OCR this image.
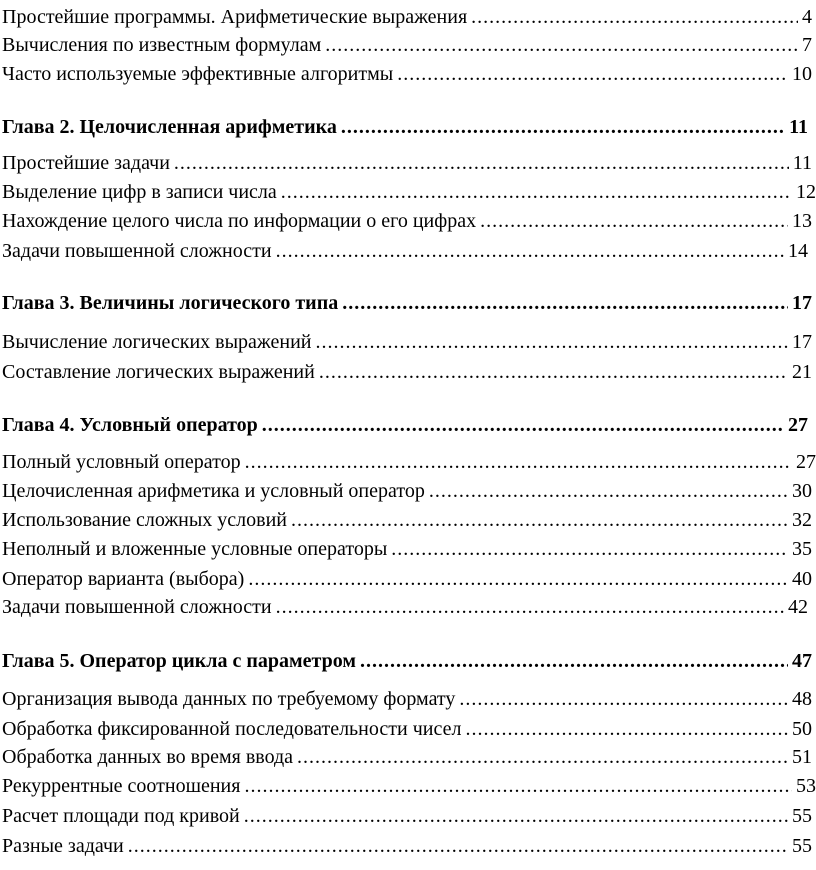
Простейшие программы. Арифметические выражения .....	4
Вычисления по известным формулам .....	7
Часто используемые эффективные алгоритмы .....	10
Глава 2. Целочисленная арифметика .....	11
Простейшие задачи .....	11
Выделение цифр в записи числа .....	12
Нахождение целого числа по информации о его цифрах .....	13
Задачи повышенной сложности .....	14
Глава 3. Величины логического типа .....	17
Вычисление логических выражений .....	17
Составление логических выражений .....	21
Глава 4. Условный оператор .....	27
Полный условный оператор .....	27
Целочисленная арифметика и условный оператор .....	30
Использование сложных условий .....	32
Неполный и вложенные условные операторы .....	35
Оператор варианта (выбора) .....	40
Задачи повышенной сложности .....	42
Глава 5. Оператор цикла с параметром .....	47
Организация вывода данных по требуемому формату .....	48
Обработка фиксированной последовательности чисел .....	50
Обработка данных во время ввода .....	51
Рекуррентные соотношения .....	53
Расчет площади под кривой .....	55
Разные задачи .....	55
